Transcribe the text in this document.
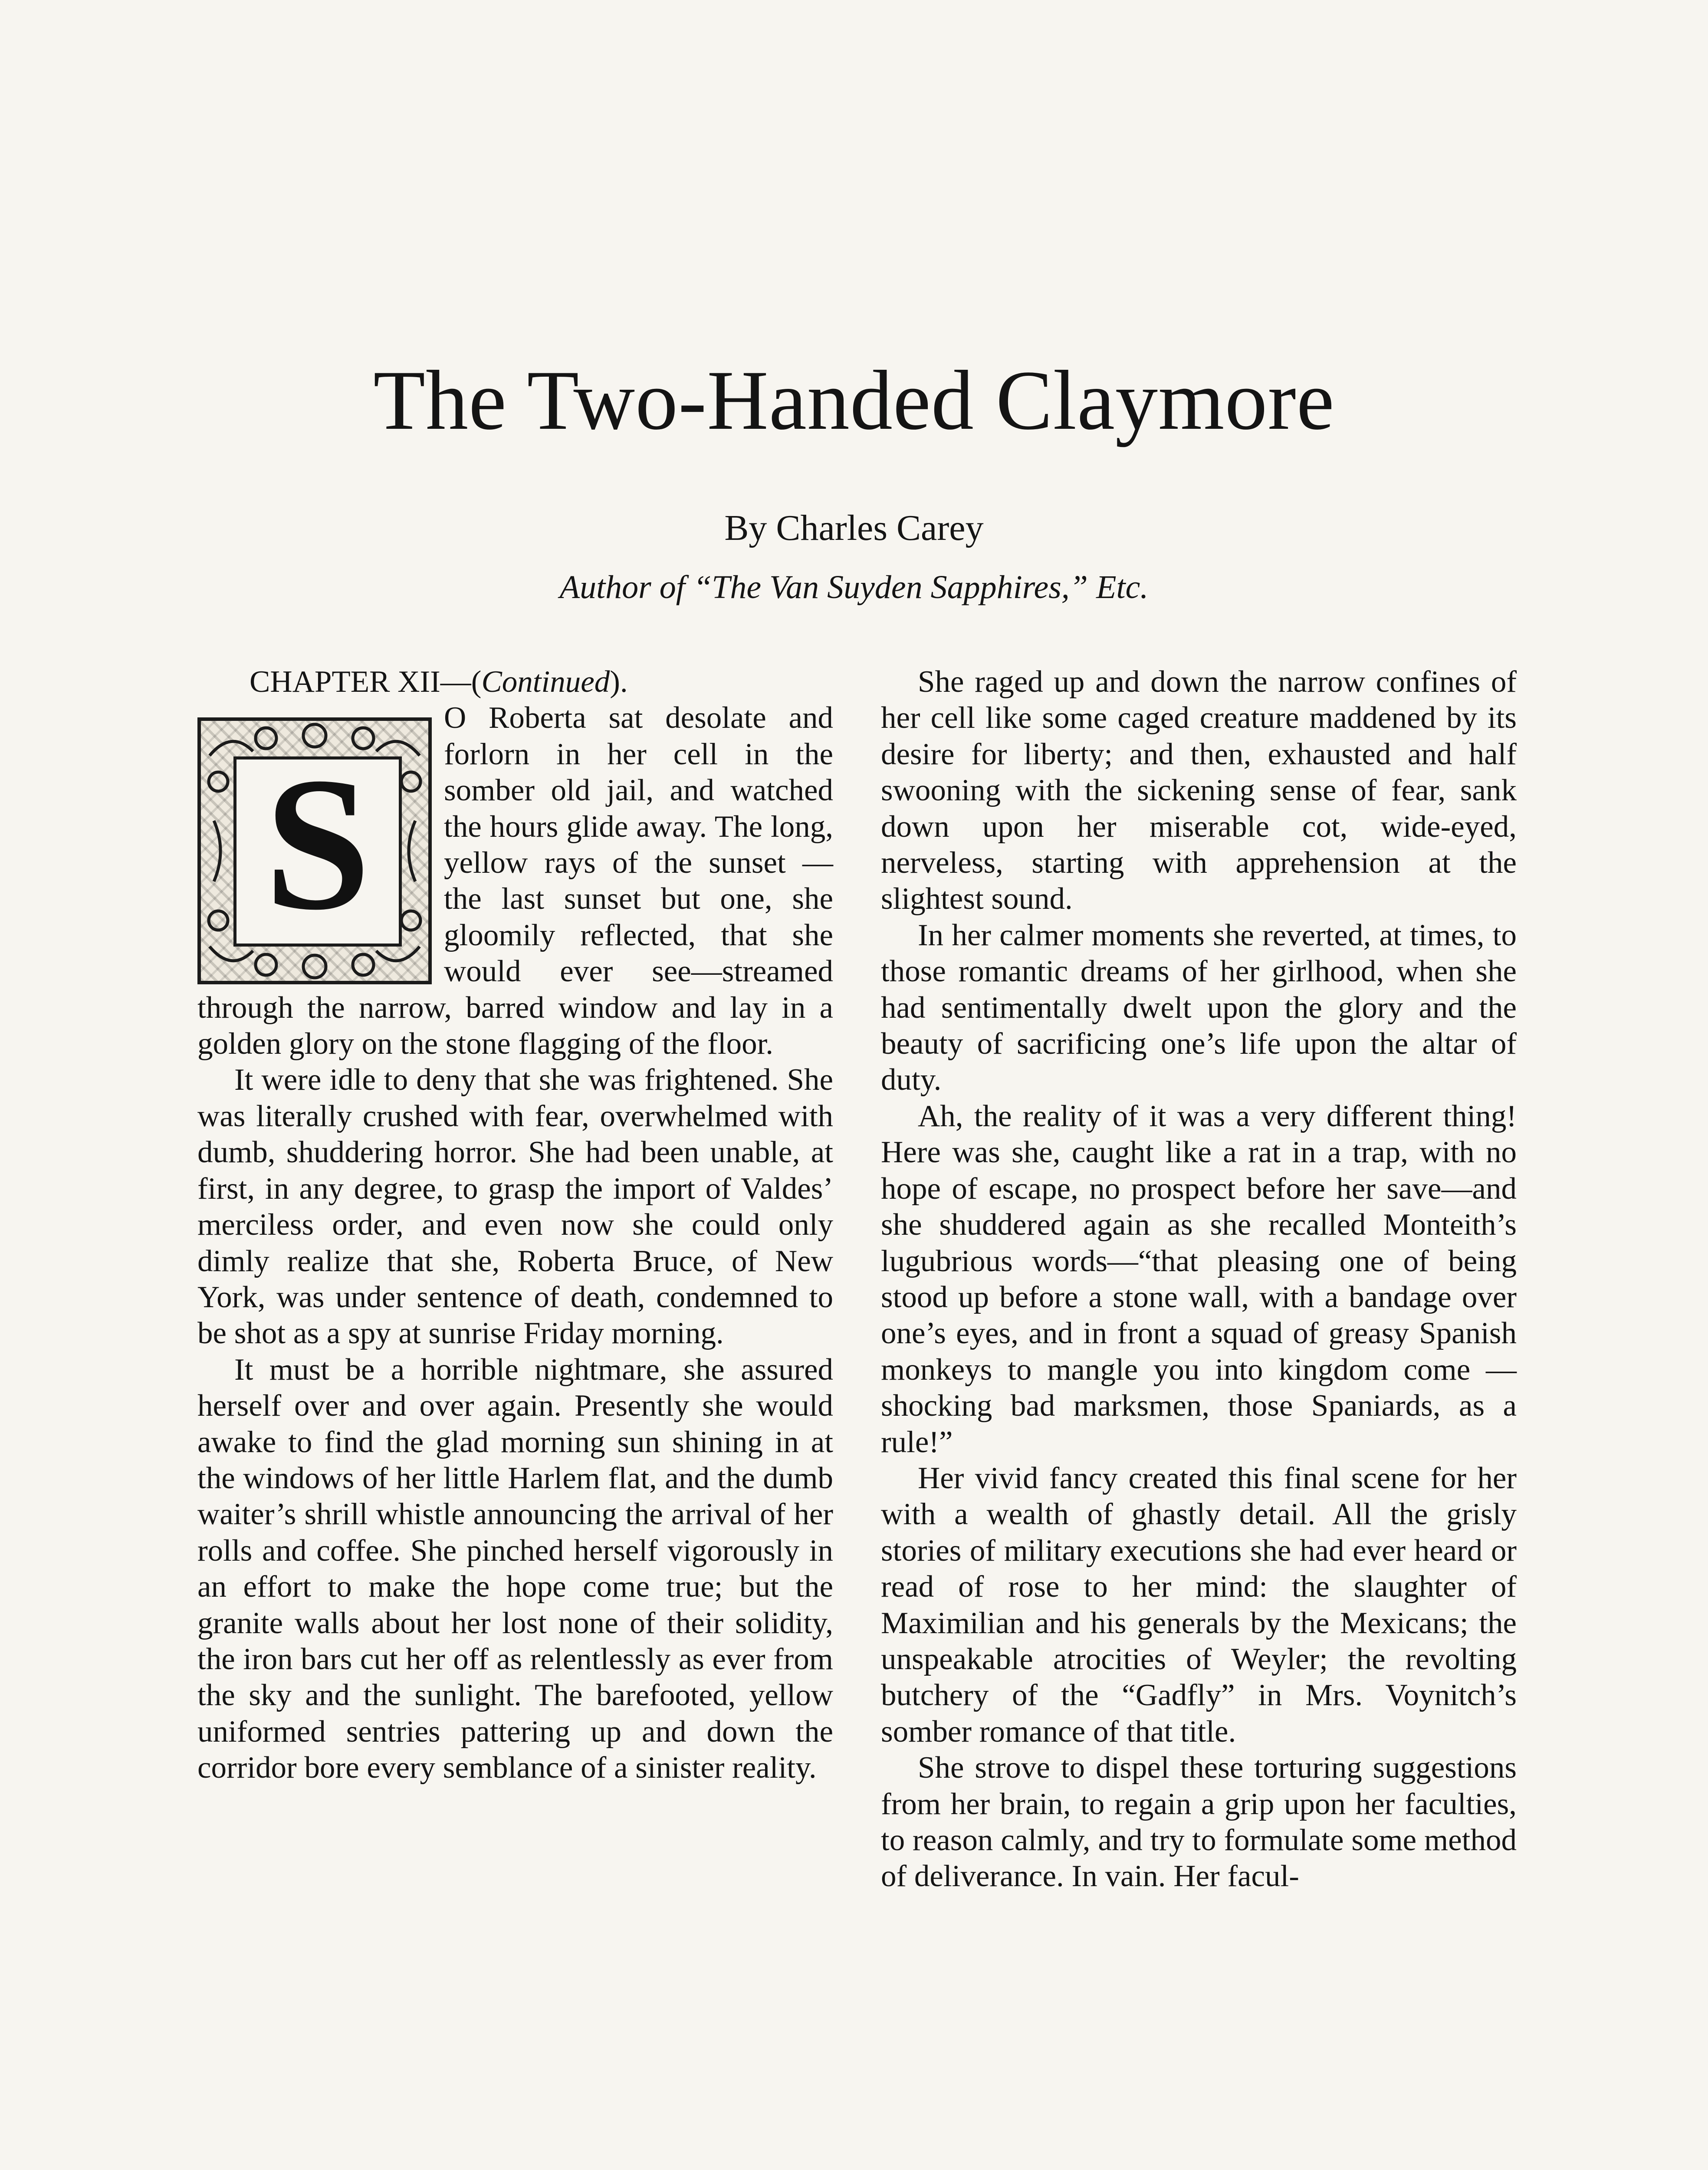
The Two-Handed Claymore

By Charles Carey

Author of “The Van Suyden Sapphires,” Etc.

CHAPTER XII—(Continued).

S

O Roberta sat desolate and forlorn in her cell in the somber old jail, and watched the hours glide away. The long, yellow rays of the sunset — the last sunset but one, she gloomily reflected, that she would ever see—streamed through the narrow, barred window and lay in a golden glory on the stone flagging of the floor.

It were idle to deny that she was frightened. She was literally crushed with fear, overwhelmed with dumb, shuddering horror. She had been unable, at first, in any degree, to grasp the import of Valdes’ merciless order, and even now she could only dimly realize that she, Roberta Bruce, of New York, was under sentence of death, condemned to be shot as a spy at sunrise Friday morning.

It must be a horrible nightmare, she assured herself over and over again. Presently she would awake to find the glad morning sun shining in at the windows of her little Harlem flat, and the dumb waiter’s shrill whistle announcing the arrival of her rolls and coffee. She pinched herself vigorously in an effort to make the hope come true; but the granite walls about her lost none of their solidity, the iron bars cut her off as relentlessly as ever from the sky and the sunlight. The barefooted, yellow uniformed sentries pattering up and down the corridor bore every semblance of a sinister reality.

She raged up and down the narrow confines of her cell like some caged creature maddened by its desire for liberty; and then, exhausted and half swooning with the sickening sense of fear, sank down upon her miserable cot, wide-eyed, nerveless, starting with apprehension at the slightest sound.

In her calmer moments she reverted, at times, to those romantic dreams of her girlhood, when she had sentimentally dwelt upon the glory and the beauty of sacrificing one’s life upon the altar of duty.

Ah, the reality of it was a very different thing! Here was she, caught like a rat in a trap, with no hope of escape, no prospect before her save—and she shuddered again as she recalled Monteith’s lugubrious words—“that pleasing one of being stood up before a stone wall, with a bandage over one’s eyes, and in front a squad of greasy Spanish monkeys to mangle you into kingdom come — shocking bad marksmen, those Spaniards, as a rule!”

Her vivid fancy created this final scene for her with a wealth of ghastly detail. All the grisly stories of military executions she had ever heard or read of rose to her mind: the slaughter of Maximilian and his generals by the Mexicans; the unspeakable atrocities of Weyler; the revolting butchery of the “Gadfly” in Mrs. Voynitch’s somber romance of that title.

She strove to dispel these torturing suggestions from her brain, to regain a grip upon her faculties, to reason calmly, and try to formulate some method of deliverance. In vain. Her facul-
